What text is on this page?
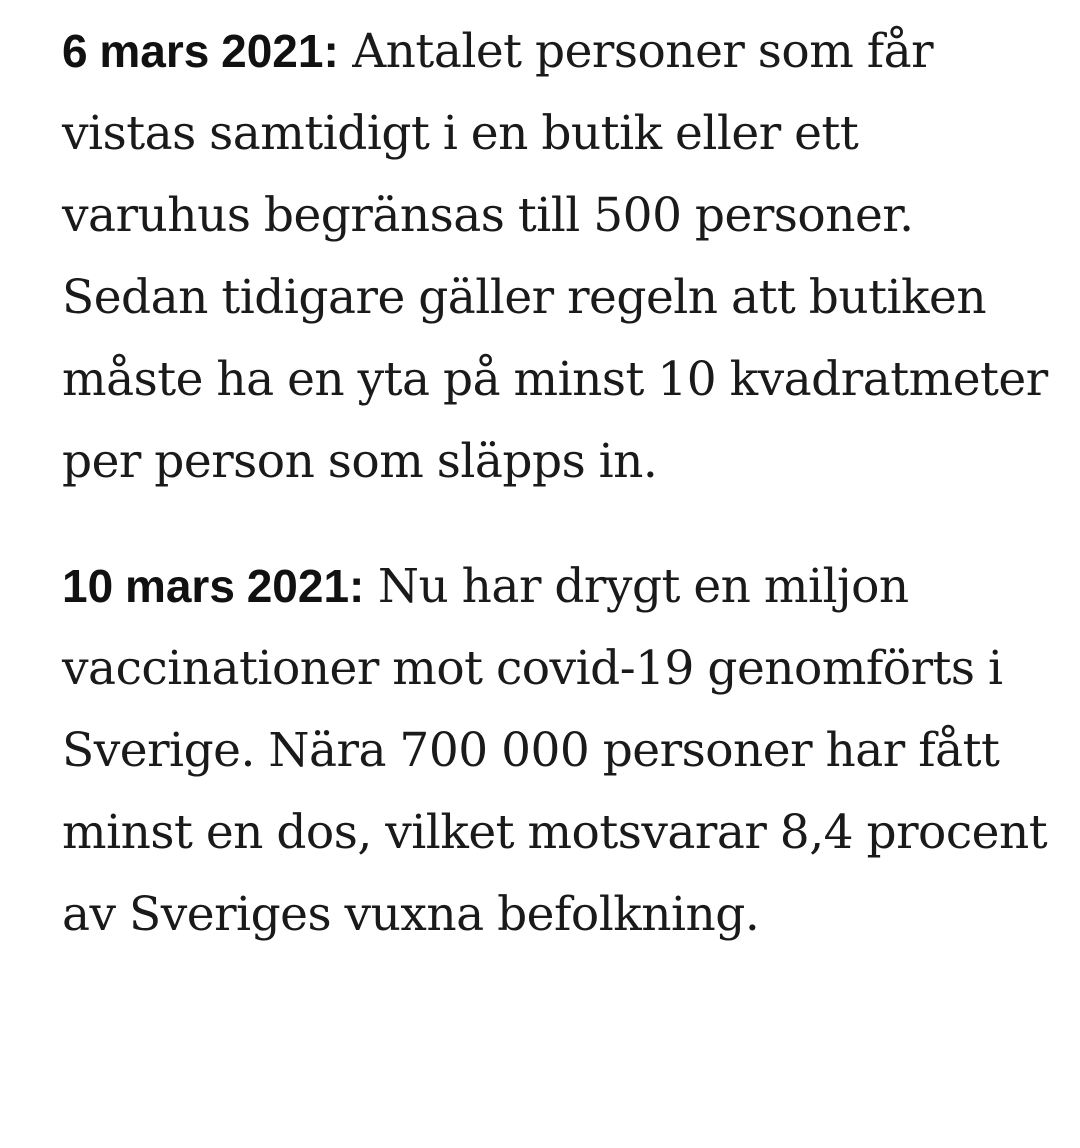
6 mars 2021: Antalet personer som får vistas samtidigt i en butik eller ett varuhus begränsas till 500 personer. Sedan tidigare gäller regeln att butiken måste ha en yta på minst 10 kvadratmeter per person som släpps in.

10 mars 2021: Nu har drygt en miljon vaccinationer mot covid-19 genomförts i Sverige. Nära 700 000 personer har fått minst en dos, vilket motsvarar 8,4 procent av Sveriges vuxna befolkning.
